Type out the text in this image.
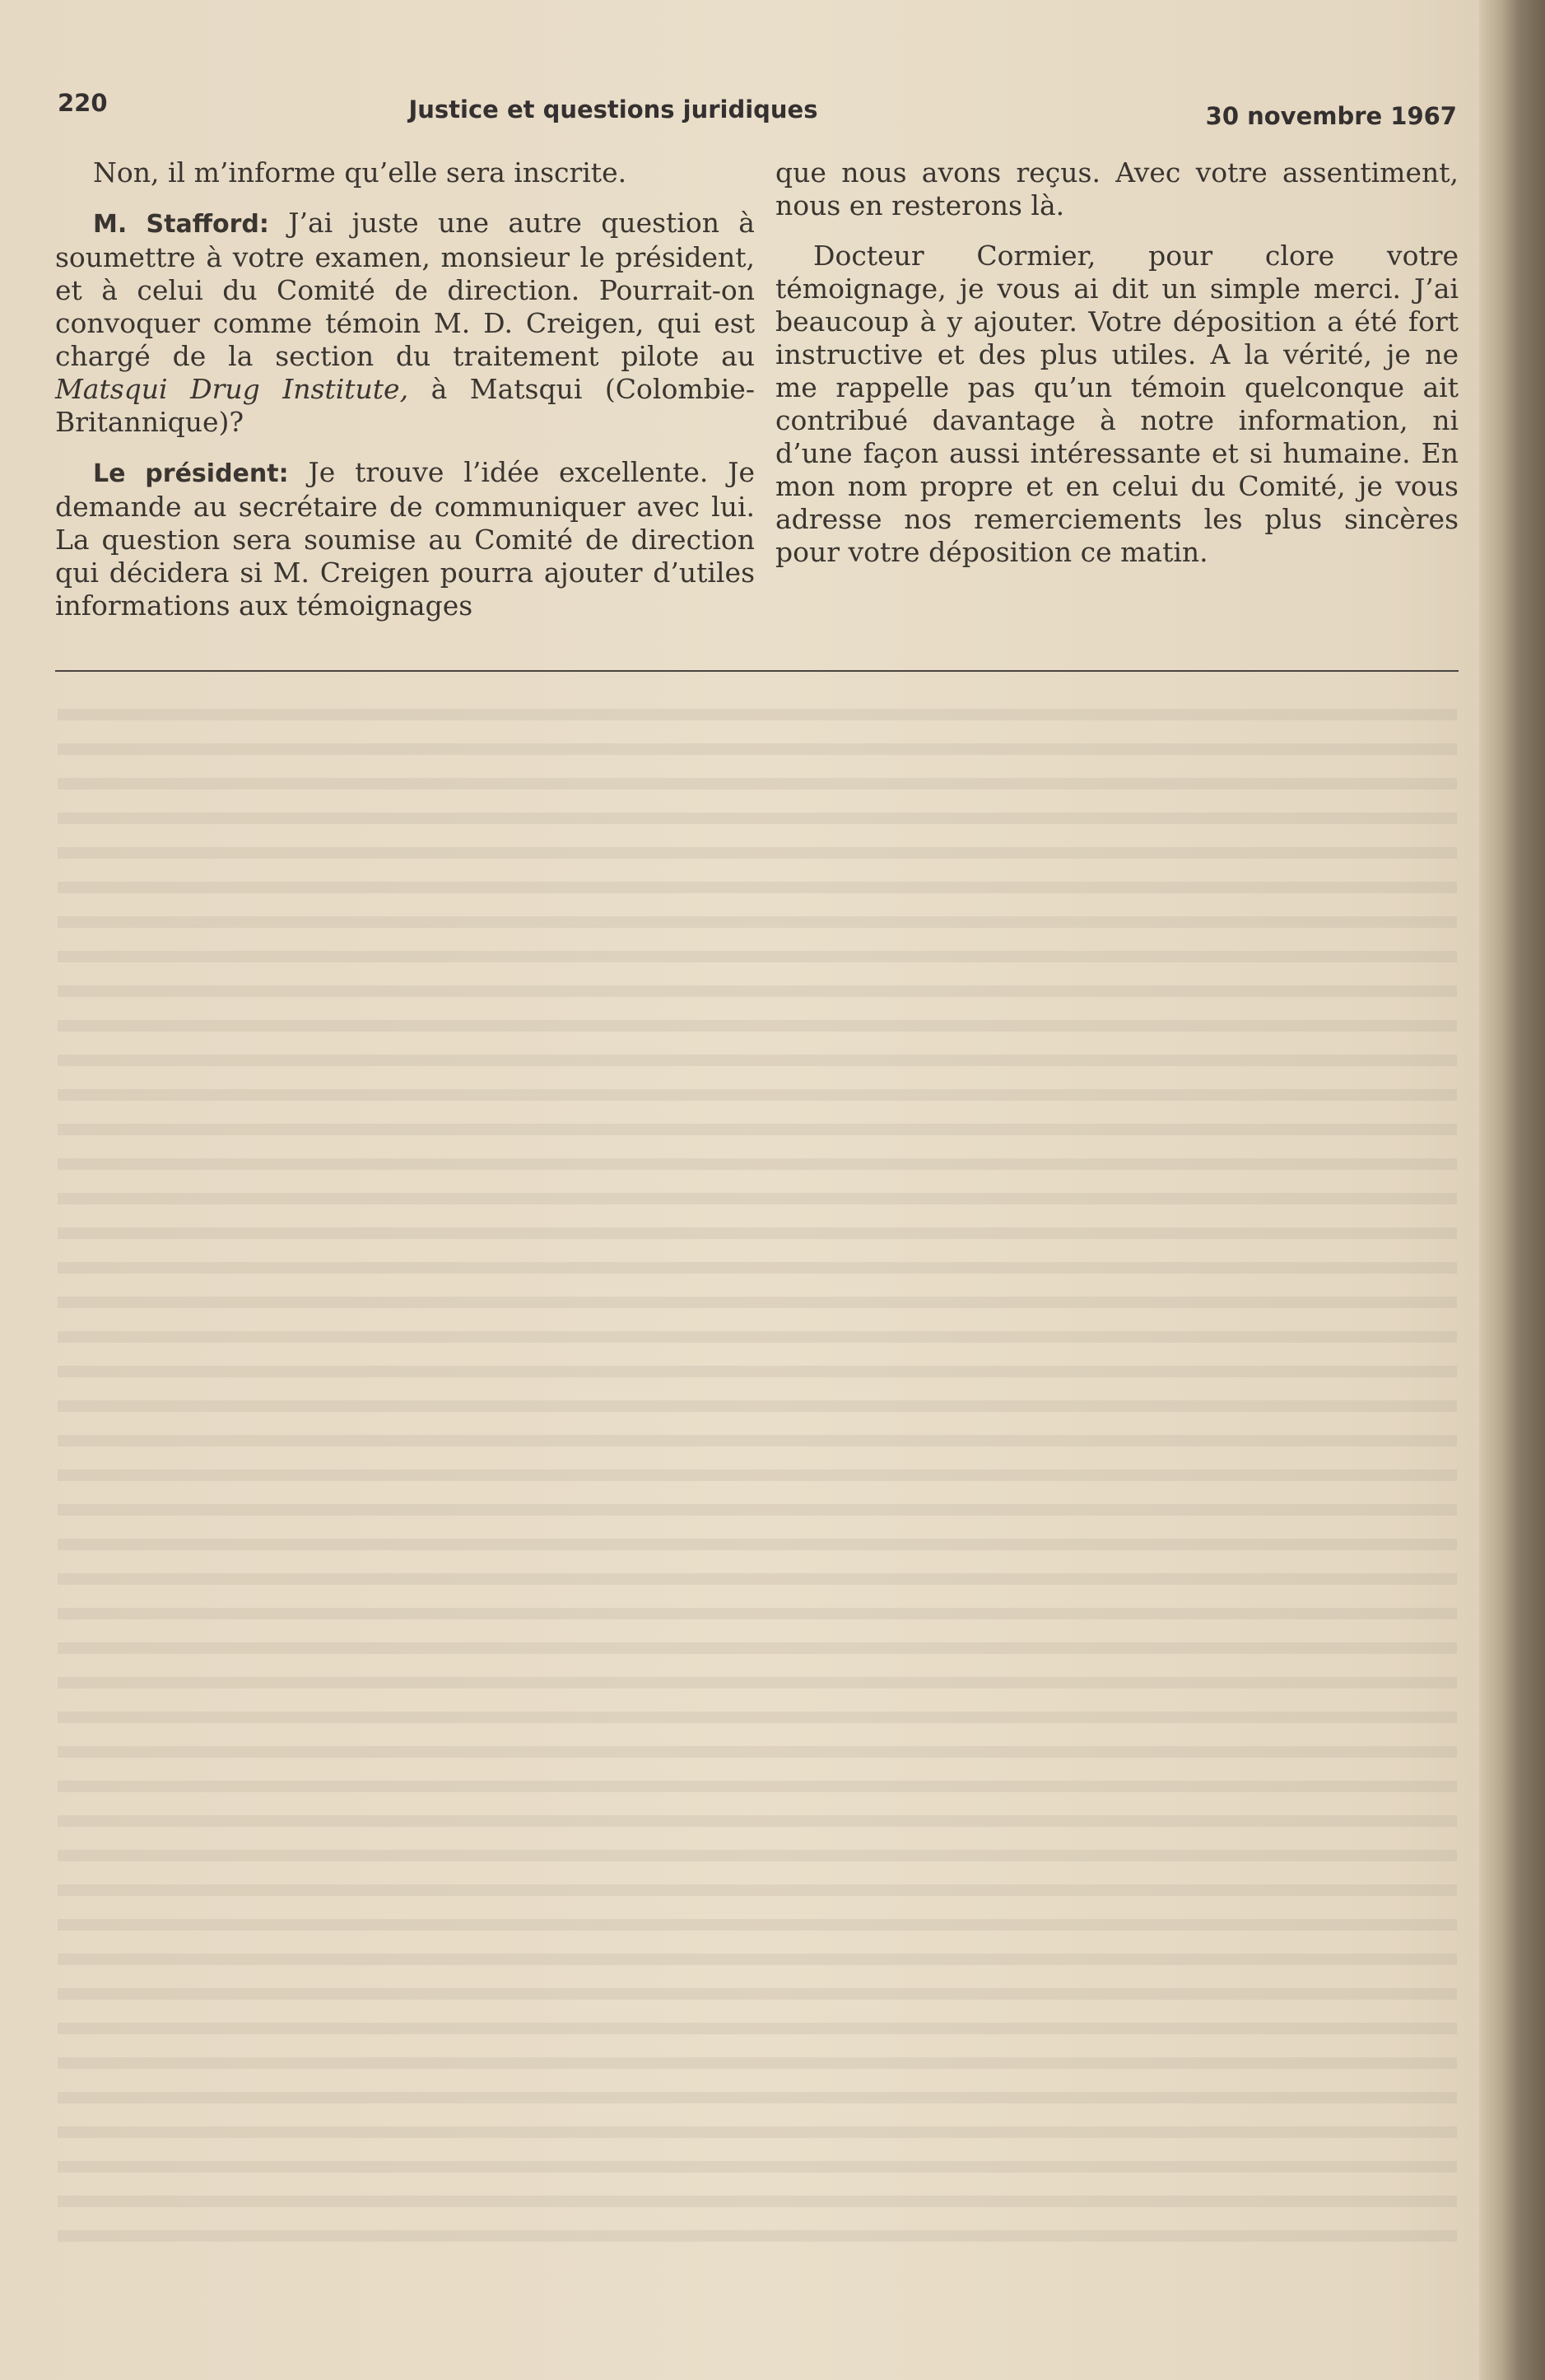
220	Justice et questions juridiques	30 novembre 1967

Non, il m’informe qu’elle sera inscrite.

M. Stafford: J’ai juste une autre question à soumettre à votre examen, monsieur le président, et à celui du Comité de direction. Pourrait-on convoquer comme témoin M. D. Creigen, qui est chargé de la section du traitement pilote au Matsqui Drug Institute, à Matsqui (Colombie-Britannique)?

Le président: Je trouve l’idée excellente. Je demande au secrétaire de communiquer avec lui. La question sera soumise au Comité de direction qui décidera si M. Creigen pourra ajouter d’utiles informations aux témoignages

que nous avons reçus. Avec votre assentiment, nous en resterons là.

Docteur Cormier, pour clore votre témoignage, je vous ai dit un simple merci. J’ai beaucoup à y ajouter. Votre déposition a été fort instructive et des plus utiles. A la vérité, je ne me rappelle pas qu’un témoin quelconque ait contribué davantage à notre information, ni d’une façon aussi intéressante et si humaine. En mon nom propre et en celui du Comité, je vous adresse nos remerciements les plus sincères pour votre déposition ce matin.
